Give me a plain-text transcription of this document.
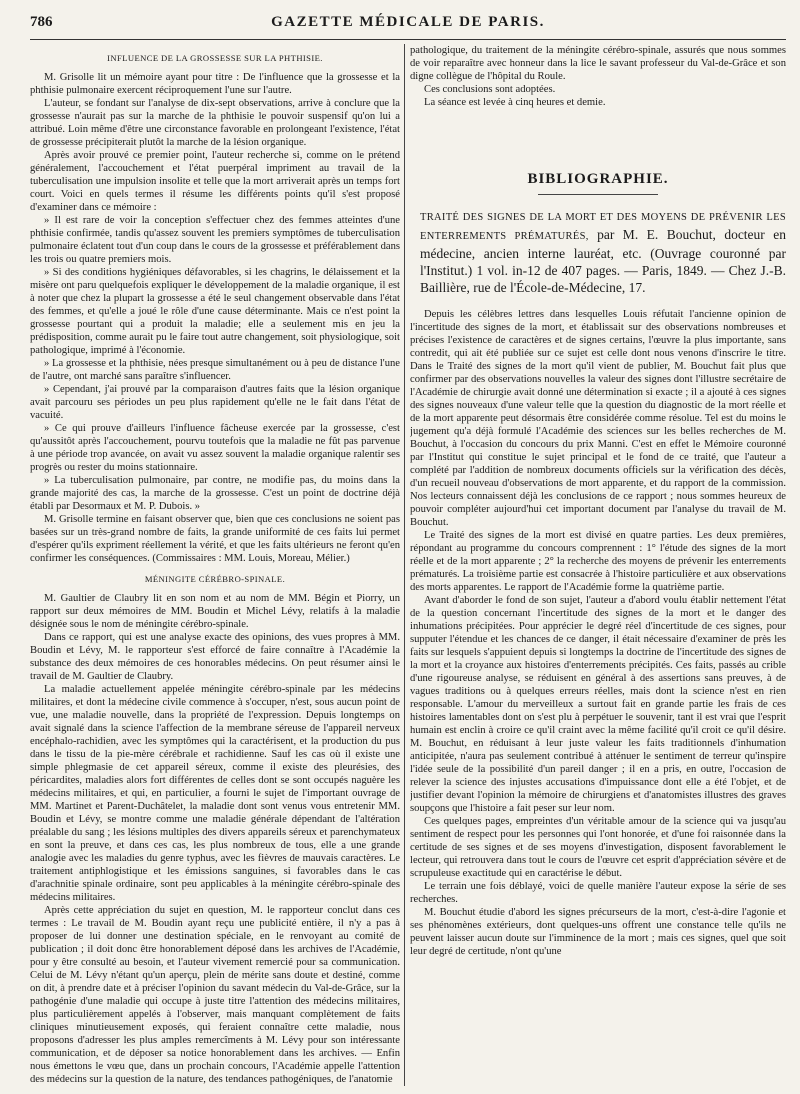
786	GAZETTE MÉDICALE DE PARIS.
INFLUENCE DE LA GROSSESSE SUR LA PHTHISIE.

M. Grisolle lit un mémoire ayant pour titre : De l'influence que la grossesse et la phthisie pulmonaire exercent réciproquement l'une sur l'autre.

L'auteur, se fondant sur l'analyse de dix-sept observations, arrive à conclure que la grossesse n'aurait pas sur la marche de la phthisie le pouvoir suspensif qu'on lui a attribué. Loin même d'être une circonstance favorable en prolongeant l'existence, l'état de grossesse précipiterait plutôt la marche de la lésion organique.

Après avoir prouvé ce premier point, l'auteur recherche si, comme on le prétend généralement, l'accouchement et l'état puerpéral impriment au travail de la tuberculisation une impulsion insolite et telle que la mort arriverait après un temps fort court. Voici en quels termes il résume les différents points qu'il s'est proposé d'examiner dans ce mémoire :

» Il est rare de voir la conception s'effectuer chez des femmes atteintes d'une phthisie confirmée, tandis qu'assez souvent les premiers symptômes de tuberculisation pulmonaire éclatent tout d'un coup dans le cours de la grossesse et préférablement dans les trois ou quatre premiers mois.

» Si des conditions hygiéniques défavorables, si les chagrins, le délaissement et la misère ont paru quelquefois expliquer le développement de la maladie organique, il est à noter que chez la plupart la grossesse a été le seul changement observable dans l'état des femmes, et qu'elle a joué le rôle d'une cause déterminante. Mais ce n'est point la grossesse pourtant qui a produit la maladie; elle a seulement mis en jeu la prédisposition, comme aurait pu le faire tout autre changement, soit physiologique, soit pathologique, imprimé à l'économie.

» La grossesse et la phthisie, nées presque simultanément ou à peu de distance l'une de l'autre, ont marché sans paraître s'influencer.

» Cependant, j'ai prouvé par la comparaison d'autres faits que la lésion organique avait parcouru ses périodes un peu plus rapidement qu'elle ne le fait dans l'état de vacuité.

» Ce qui prouve d'ailleurs l'influence fâcheuse exercée par la grossesse, c'est qu'aussitôt après l'accouchement, pourvu toutefois que la maladie ne fût pas parvenue à une période trop avancée, on avait vu assez souvent la maladie organique ralentir ses progrès ou rester du moins stationnaire.

» La tuberculisation pulmonaire, par contre, ne modifie pas, du moins dans la grande majorité des cas, la marche de la grossesse. C'est un point de doctrine déjà établi par Desormaux et M. P. Dubois. »

M. Grisolle termine en faisant observer que, bien que ces conclusions ne soient pas basées sur un très-grand nombre de faits, la grande uniformité de ces faits lui permet d'espérer qu'ils expriment réellement la vérité, et que les faits ultérieurs ne feront qu'en confirmer les conséquences. (Commissaires : MM. Louis, Moreau, Mélier.)

MÉNINGITE CÉRÉBRO-SPINALE.

M. Gaultier de Claubry lit en son nom et au nom de MM. Bégin et Piorry, un rapport sur deux mémoires de MM. Boudin et Michel Lévy, relatifs à la maladie désignée sous le nom de méningite cérébro-spinale.

Dans ce rapport, qui est une analyse exacte des opinions, des vues propres à MM. Boudin et Lévy, M. le rapporteur s'est efforcé de faire connaître à l'Académie la substance des deux mémoires de ces honorables médecins. On peut résumer ainsi le travail de M. Gaultier de Claubry.

La maladie actuellement appelée méningite cérébro-spinale par les médecins militaires, et dont la médecine civile commence à s'occuper, n'est, sous aucun point de vue, une maladie nouvelle, dans la propriété de l'expression. Depuis longtemps on avait signalé dans la science l'affection de la membrane séreuse de l'appareil nerveux encéphalo-rachidien, avec les symptômes qui la caractérisent, et la production du pus dans le tissu de la pie-mère cérébrale et rachidienne. Sauf les cas où il existe une simple phlegmasie de cet appareil séreux, comme il existe des pleurésies, des péricardites, maladies alors fort différentes de celles dont se sont occupés naguère les médecins militaires, et qui, en particulier, a fourni le sujet de l'important ouvrage de MM. Martinet et Parent-Duchâtelet, la maladie dont sont venus vous entretenir MM. Boudin et Lévy, se montre comme une maladie générale dépendant de l'altération préalable du sang ; les lésions multiples des divers appareils séreux et parenchymateux en sont la preuve, et dans ces cas, les plus nombreux de tous, elle a une grande analogie avec les maladies du genre typhus, avec les fièvres de mauvais caractères. Le traitement antiphlogistique et les émissions sanguines, si favorables dans le cas d'arachnitie spinale ordinaire, sont peu applicables à la méningite cérébro-spinale des médecins militaires.

Après cette appréciation du sujet en question, M. le rapporteur conclut dans ces termes : Le travail de M. Boudin ayant reçu une publicité entière, il n'y a pas à proposer de lui donner une destination spéciale, en le renvoyant au comité de publication ; il doit donc être honorablement déposé dans les archives de l'Académie, pour y être consulté au besoin, et l'auteur vivement remercié pour sa communication. Celui de M. Lévy n'étant qu'un aperçu, plein de mérite sans doute et destiné, comme on dit, à prendre date et à préciser l'opinion du savant médecin du Val-de-Grâce, sur la pathogénie d'une maladie qui occupe à juste titre l'attention des médecins militaires, plus particulièrement appelés à l'observer, mais manquant complètement de faits cliniques minutieusement exposés, qui feraient connaître cette maladie, nous proposons d'adresser les plus amples remercîments à M. Lévy pour son intéressante communication, et de déposer sa notice honorablement dans les archives. — Enfin nous émettons le vœu que, dans un prochain concours, l'Académie appelle l'attention des médecins sur la question de la nature, des tendances pathogéniques, de l'anatomie

pathologique, du traitement de la méningite cérébro-spinale, assurés que nous sommes de voir reparaître avec honneur dans la lice le savant professeur du Val-de-Grâce et son digne collègue de l'hôpital du Roule.

Ces conclusions sont adoptées.

La séance est levée à cinq heures et demie.

BIBLIOGRAPHIE.

TRAITÉ DES SIGNES DE LA MORT ET DES MOYENS DE PRÉVENIR LES ENTERREMENTS PRÉMATURÉS, par M. E. Bouchut, docteur en médecine, ancien interne lauréat, etc. (Ouvrage couronné par l'Institut.) 1 vol. in-12 de 407 pages. — Paris, 1849. — Chez J.-B. Baillière, rue de l'École-de-Médecine, 17.

Depuis les célèbres lettres dans lesquelles Louis réfutait l'ancienne opinion de l'incertitude des signes de la mort, et établissait sur des observations nombreuses et précises l'existence de caractères et de signes certains, l'œuvre la plus importante, sans contredit, qui ait été publiée sur ce sujet est celle dont nous venons d'inscrire le titre. Dans le Traité des signes de la mort qu'il vient de publier, M. Bouchut fait plus que confirmer par des observations nouvelles la valeur des signes dont l'illustre secrétaire de l'Académie de chirurgie avait donné une détermination si exacte ; il a ajouté à ces signes des signes nouveaux d'une valeur telle que la question du diagnostic de la mort réelle et de la mort apparente peut désormais être considérée comme résolue. Tel est du moins le jugement qu'a déjà formulé l'Académie des sciences sur les belles recherches de M. Bouchut, à l'occasion du concours du prix Manni. C'est en effet le Mémoire couronné par l'Institut qui constitue le sujet principal et le fond de ce traité, que l'auteur a complété par l'addition de nombreux documents officiels sur la vérification des décès, d'un recueil nouveau d'observations de mort apparente, et du rapport de la commission. Nos lecteurs connaissent déjà les conclusions de ce rapport ; nous sommes heureux de pouvoir compléter aujourd'hui cet important document par l'analyse du travail de M. Bouchut.

Le Traité des signes de la mort est divisé en quatre parties. Les deux premières, répondant au programme du concours comprennent : 1° l'étude des signes de la mort réelle et de la mort apparente ; 2° la recherche des moyens de prévenir les enterrements prématurés. La troisième partie est consacrée à l'histoire particulière et aux observations des morts apparentes. Le rapport de l'Académie forme la quatrième partie.

Avant d'aborder le fond de son sujet, l'auteur a d'abord voulu établir nettement l'état de la question concernant l'incertitude des signes de la mort et le danger des inhumations précipitées. Pour apprécier le degré réel d'incertitude de ces signes, pour supputer l'étendue et les chances de ce danger, il était nécessaire d'examiner de près les faits sur lesquels s'appuient depuis si longtemps la doctrine de l'incertitude des signes de la mort et la croyance aux histoires d'enterrements précipités. Ces faits, passés au crible d'une rigoureuse analyse, se réduisent en général à des assertions sans preuves, à de vagues traditions ou à quelques erreurs réelles, mais dont la science n'est en rien responsable. L'amour du merveilleux a surtout fait en grande partie les frais de ces histoires lamentables dont on s'est plu à perpétuer le souvenir, tant il est vrai que l'esprit humain est enclin à croire ce qu'il craint avec la même facilité qu'il croit ce qu'il désire. M. Bouchut, en réduisant à leur juste valeur les faits traditionnels d'inhumation anticipitée, n'aura pas seulement contribué à atténuer le sentiment de terreur qu'inspire l'idée seule de la possibilité d'un pareil danger ; il en a pris, en outre, l'occasion de relever la science des injustes accusations d'impuissance dont elle a été l'objet, et de justifier devant l'opinion la mémoire de chirurgiens et d'anatomistes illustres des graves soupçons que l'histoire a fait peser sur leur nom.

Ces quelques pages, empreintes d'un véritable amour de la science qui va jusqu'au sentiment de respect pour les personnes qui l'ont honorée, et d'une foi raisonnée dans la certitude de ses signes et de ses moyens d'investigation, disposent favorablement le lecteur, qui retrouvera dans tout le cours de l'œuvre cet esprit d'appréciation sévère et de scrupuleuse exactitude qui en caractérise le début.

Le terrain une fois déblayé, voici de quelle manière l'auteur expose la série de ses recherches.

M. Bouchut étudie d'abord les signes précurseurs de la mort, c'est-à-dire l'agonie et ses phénomènes extérieurs, dont quelques-uns offrent une constance telle qu'ils ne peuvent laisser aucun doute sur l'imminence de la mort ; mais ces signes, quel que soit leur degré de certitude, n'ont qu'une
